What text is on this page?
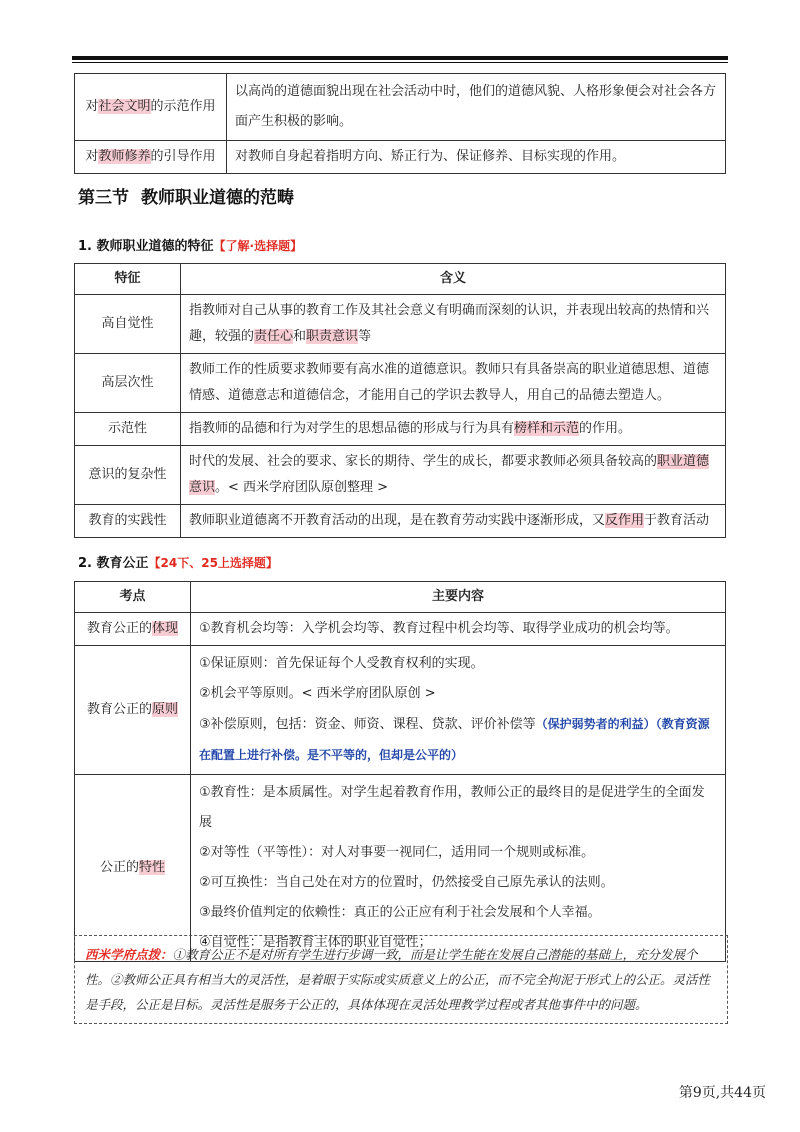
对社会文明的示范作用	以高尚的道德面貌出现在社会活动中时，他们的道德风貌、人格形象便会对社会各方面产生积极的影响。
对教师修养的引导作用	对教师自身起着指明方向、矫正行为、保证修养、目标实现的作用。
第三节 教师职业道德的范畴
1. 教师职业道德的特征【了解·选择题】
特征	含义
高自觉性	指教师对自己从事的教育工作及其社会意义有明确而深刻的认识，并表现出较高的热情和兴趣，较强的责任心和职责意识等
高层次性	教师工作的性质要求教师要有高水准的道德意识。教师只有具备崇高的职业道德思想、道德情感、道德意志和道德信念，才能用自己的学识去教导人，用自己的品德去塑造人。
示范性	指教师的品德和行为对学生的思想品德的形成与行为具有榜样和示范的作用。
意识的复杂性	时代的发展、社会的要求、家长的期待、学生的成长，都要求教师必须具备较高的职业道德意识。< 西米学府团队原创整理 >
教育的实践性	教师职业道德离不开教育活动的出现，是在教育劳动实践中逐渐形成，又反作用于教育活动
2. 教育公正【24下、25上选择题】
考点	主要内容
教育公正的体现	①教育机会均等：入学机会均等、教育过程中机会均等、取得学业成功的机会均等。
教育公正的原则	①保证原则：首先保证每个人受教育权利的实现。
②机会平等原则。< 西米学府团队原创 >
③补偿原则，包括：资金、师资、课程、贷款、评价补偿等（保护弱势者的利益）（教育资源在配置上进行补偿。是不平等的，但却是公平的）

公正的特性	①教育性：是本质属性。对学生起着教育作用，教师公正的最终目的是促进学生的全面发展
②对等性（平等性）：对人对事要一视同仁，适用同一个规则或标准。
②可互换性：当自己处在对方的位置时，仍然接受自己原先承认的法则。
③最终价值判定的依赖性：真正的公正应有利于社会发展和个人幸福。
④自觉性：是指教育主体的职业自觉性；
西米学府点拨：①教育公正不是对所有学生进行步调一致，而是让学生能在发展自己潜能的基础上，充分发展个性。②教师公正具有相当大的灵活性，是着眼于实际或实质意义上的公正，而不完全拘泥于形式上的公正。灵活性是手段，公正是目标。灵活性是服务于公正的，具体体现在灵活处理教学过程或者其他事件中的问题。
第9页,共44页
